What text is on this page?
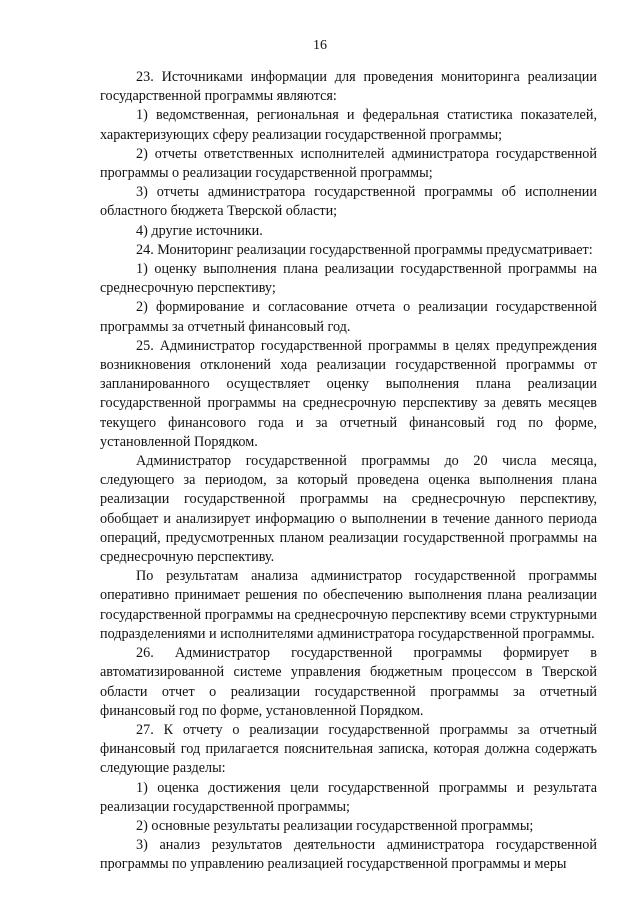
16

23. Источниками информации для проведения мониторинга реализации государственной программы являются:

1) ведомственная, региональная и федеральная статистика показателей, характеризующих сферу реализации государственной программы;

2) отчеты ответственных исполнителей администратора государственной программы о реализации государственной программы;

3) отчеты администратора государственной программы об исполнении областного бюджета Тверской области;

4) другие источники.

24. Мониторинг реализации государственной программы предусматривает:

1) оценку выполнения плана реализации государственной программы на среднесрочную перспективу;

2) формирование и согласование отчета о реализации государственной программы за отчетный финансовый год.

25. Администратор государственной программы в целях предупреждения возникновения отклонений хода реализации государственной программы от запланированного осуществляет оценку выполнения плана реализации государственной программы на среднесрочную перспективу за девять месяцев текущего финансового года и за отчетный финансовый год по форме, установленной Порядком.

Администратор государственной программы до 20 числа месяца, следующего за периодом, за который проведена оценка выполнения плана реализации государственной программы на среднесрочную перспективу, обобщает и анализирует информацию о выполнении в течение данного периода операций, предусмотренных планом реализации государственной программы на среднесрочную перспективу.

По результатам анализа администратор государственной программы оперативно принимает решения по обеспечению выполнения плана реализации государственной программы на среднесрочную перспективу всеми структурными подразделениями и исполнителями администратора государственной программы.

26. Администратор государственной программы формирует в автоматизированной системе управления бюджетным процессом в Тверской области отчет о реализации государственной программы за отчетный финансовый год по форме, установленной Порядком.

27. К отчету о реализации государственной программы за отчетный финансовый год прилагается пояснительная записка, которая должна содержать следующие разделы:

1) оценка достижения цели государственной программы и результата реализации государственной программы;

2) основные результаты реализации государственной программы;

3) анализ результатов деятельности администратора государственной программы по управлению реализацией государственной программы и меры
